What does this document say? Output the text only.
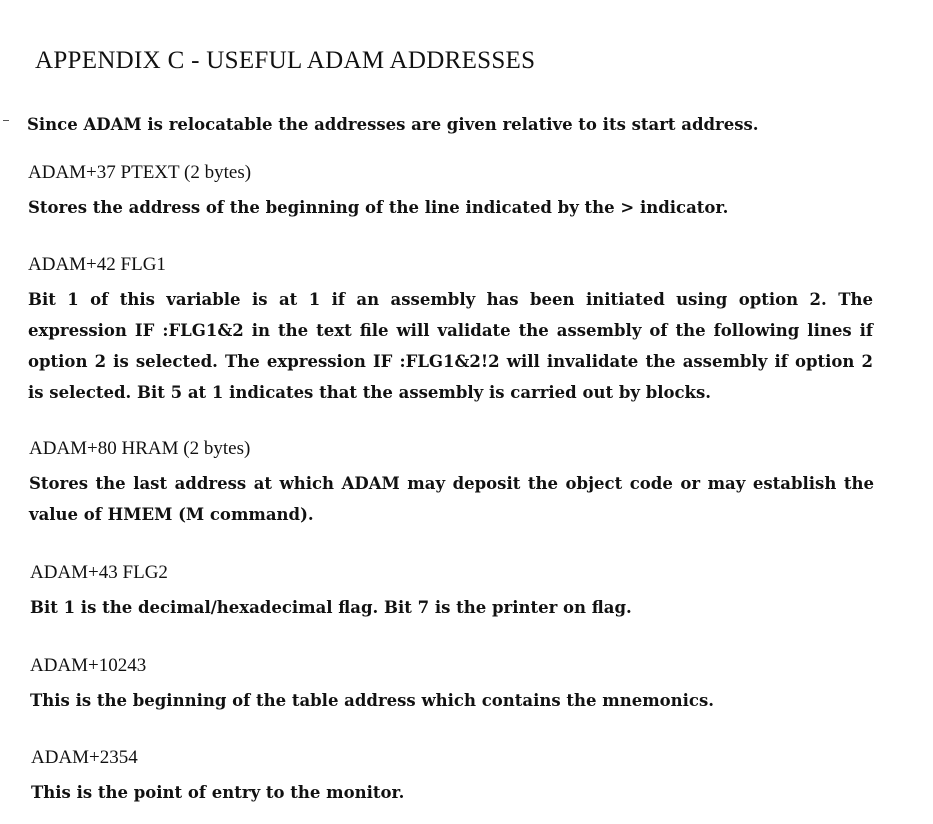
APPENDIX C - USEFUL ADAM ADDRESSES

Since ADAM is relocatable the addresses are given relative to its start address.

ADAM+37 PTEXT (2 bytes)

Stores the address of the beginning of the line indicated by the > indicator.

ADAM+42 FLG1

Bit 1 of this variable is at 1 if an assembly has been initiated using option 2. The expression IF :FLG1&2 in the text file will validate the assembly of the following lines if option 2 is selected. The expression IF :FLG1&2!2 will invalidate the assembly if option 2 is selected. Bit 5 at 1 indicates that the assembly is carried out by blocks.

ADAM+80 HRAM (2 bytes)

Stores the last address at which ADAM may deposit the object code or may establish the value of HMEM (M command).

ADAM+43 FLG2

Bit 1 is the decimal/hexadecimal flag. Bit 7 is the printer on flag.

ADAM+10243

This is the beginning of the table address which contains the mnemonics.

ADAM+2354

This is the point of entry to the monitor.
